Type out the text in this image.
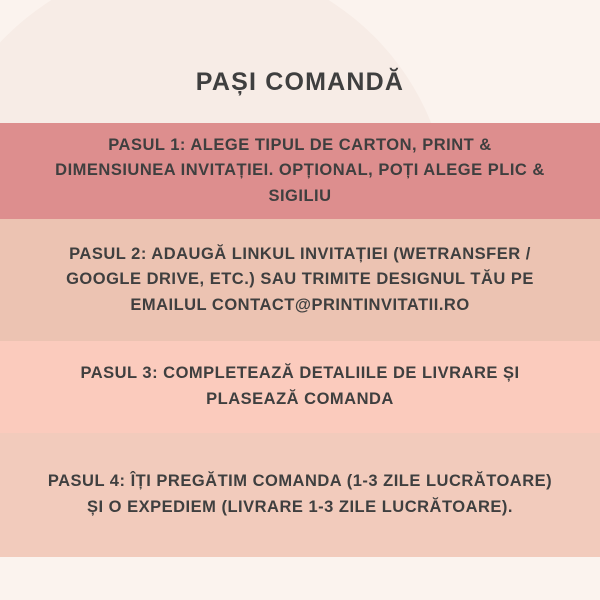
PAȘI COMANDĂ
PASUL 1: ALEGE TIPUL DE CARTON, PRINT & DIMENSIUNEA INVITAȚIEI. OPȚIONAL, POȚI ALEGE PLIC & SIGILIU
PASUL 2: ADAUGĂ LINKUL INVITAȚIEI (WETRANSFER / GOOGLE DRIVE, ETC.) SAU TRIMITE DESIGNUL TĂU PE EMAILUL CONTACT@PRINTINVITATII.RO
PASUL 3: COMPLETEAZĂ DETALIILE DE LIVRARE ȘI PLASEAZĂ COMANDA
PASUL 4: ÎȚI PREGĂTIM COMANDA (1-3 ZILE LUCRĂTOARE) ȘI O EXPEDIEM (LIVRARE 1-3 ZILE LUCRĂTOARE).
